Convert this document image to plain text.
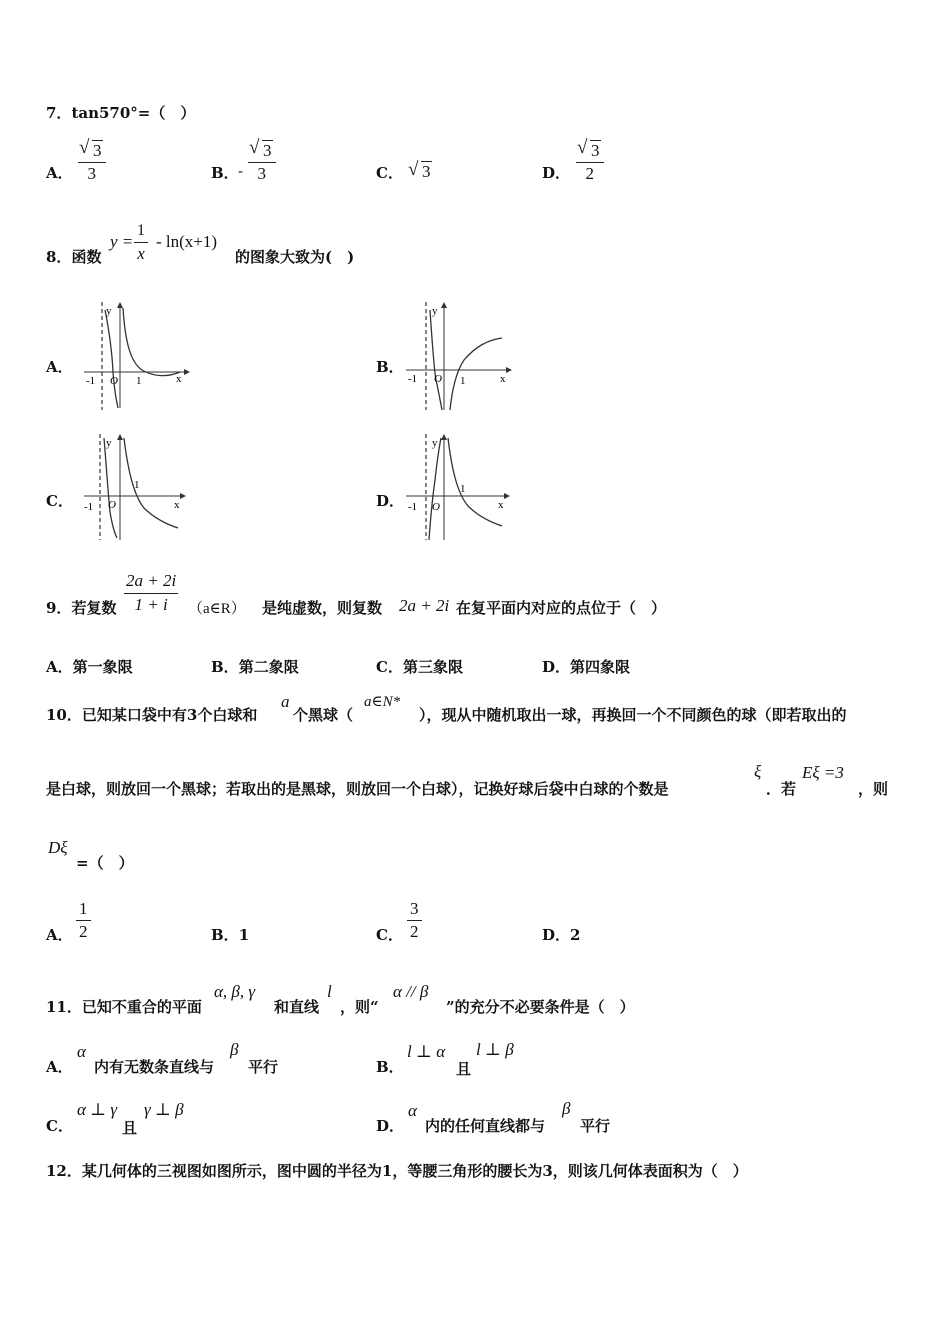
7．tan570°=（　）
A． √ $\frac{3}{3}$	B． - √ $\frac{3}{3}$	C．	√ 3	D． √ $\frac{3}{2}$
8．函数
$y = \frac{1}{x} - \ln(x+1)$
的图象大致为(　)
A．
y
x
O
-1	1
B．
y
x
O
-1	1
C．
y
x
O
-1
1
D．
y
x
O
-1
1
9．若复数 $\frac{2a + 2i}{1 + i}$ （a∈R） 是纯虚数，则复数 2a + 2i 在复平面内对应的点位于（　）
A．第一象限	B．第二象限	C．第三象限	D．第四象限
10．已知某口袋中有3个白球和
a
个黑球（
a∈N*
），现从中随机取出一球，再换回一个不同颜色的球（即若取出的
是白球，则放回一个黑球；若取出的是黑球，则放回一个白球），记换好球后袋中白球的个数是
ξ
．若
Eξ =3
，则
Dξ
=（　）
A． $\frac{1}{2}$	B．1	C． $\frac{3}{2}$	D．2
11．已知不重合的平面
α, β, γ
和直线
l
，则“
α // β
”的充分不必要条件是（　）
A．
α
内有无数条直线与
β
平行	B．
l ⊥ α
且
l ⊥ β
C．
α ⊥ γ
且
γ ⊥ β
D．
α
内的任何直线都与
β
平行
12．某几何体的三视图如图所示，图中圆的半径为1，等腰三角形的腰长为3，则该几何体表面积为（　）
